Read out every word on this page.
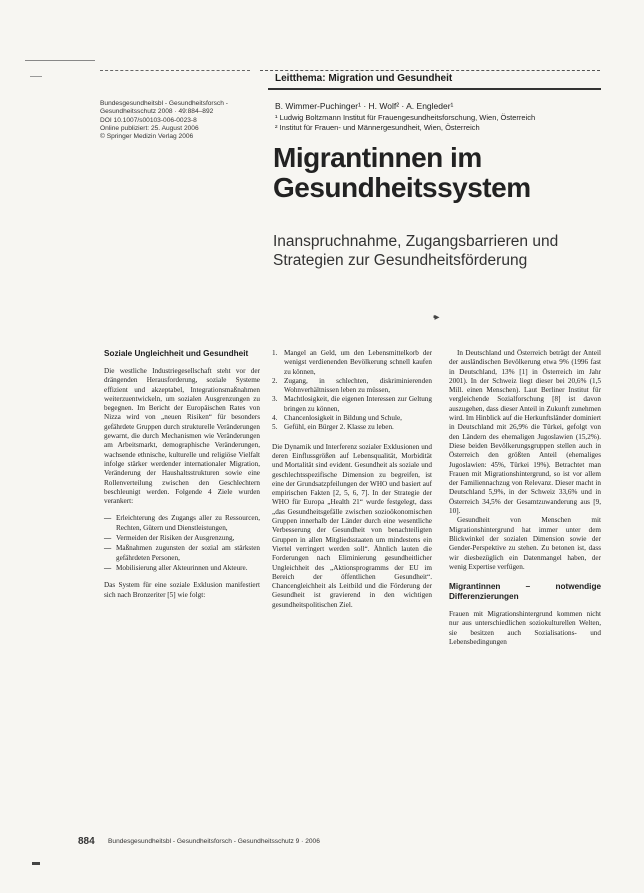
Leitthema: Migration und Gesundheit
Bundesgesundheitsbl - Gesundheitsforsch -
Gesundheitsschutz 2008 · 49:884–892
DOI 10.1007/s00103-006-0023-8
Online publiziert: 25. August 2006
© Springer Medizin Verlag 2006
B. Wimmer-Puchinger¹ · H. Wolf² · A. Engleder¹
¹ Ludwig Boltzmann Institut für Frauengesundheitsforschung, Wien, Österreich
² Institut für Frauen- und Männergesundheit, Wien, Österreich
Migrantinnen im
Gesundheitssystem
Inanspruchnahme, Zugangsbarrieren und
Strategien zur Gesundheitsförderung
▪▸
Soziale Ungleichheit und Gesundheit

Die westliche Industriegesellschaft steht vor der drängenden Herausforderung, soziale Systeme effizient und akzeptabel, Integrationsmaßnahmen weiterzuentwickeln, um sozialen Ausgrenzungen zu begegnen. Im Bericht der Europäischen Rates von Nizza wird von „neuen Risiken“ für besonders gefährdete Gruppen durch strukturelle Veränderungen gewarnt, die durch Mechanismen wie Veränderungen am Arbeitsmarkt, demographische Veränderungen, wachsende ethnische, kulturelle und religiöse Vielfalt infolge stärker werdender internationaler Migration, Veränderung der Haushaltsstrukturen sowie eine Rollenverteilung zwischen den Geschlechtern beschleunigt werden. Folgende 4 Ziele wurden verankert:

— Erleichterung des Zugangs aller zu Ressourcen, Rechten, Gütern und Dienstleistungen,
— Vermeiden der Risiken der Ausgrenzung,
— Maßnahmen zugunsten der sozial am stärksten gefährdeten Personen,
— Mobilisierung aller Akteurinnen und Akteure.

Das System für eine soziale Exklusion manifestiert sich nach Bronzeriter [5] wie folgt:

1. Mangel an Geld, um den Lebensmittelkorb der wenigst verdienenden Bevölkerung schnell kaufen zu können,
2. Zugang, in schlechten, diskriminierenden Wohnverhältnissen leben zu müssen,
3. Machtlosigkeit, die eigenen Interessen zur Geltung bringen zu können,
4. Chancenlosigkeit in Bildung und Schule,
5. Gefühl, ein Bürger 2. Klasse zu leben.

Die Dynamik und Interferenz sozialer Exklusionen und deren Einflussgrößen auf Lebensqualität, Morbidität und Mortalität sind evident. Gesundheit als soziale und geschlechtsspezifische Dimension zu begreifen, ist eine der Grundsatzpfeilungen der WHO und basiert auf empirischen Fakten [2, 5, 6, 7]. In der Strategie der WHO für Europa „Health 21“ wurde festgelegt, dass „das Gesundheitsgefälle zwischen sozioökonomischen Gruppen innerhalb der Länder durch eine wesentliche Verbesserung der Gesundheit von benachteiligten Gruppen in allen Mitgliedsstaaten um mindestens ein Viertel verringert werden soll“. Ähnlich lauten die Forderungen nach Eliminierung gesundheitlicher Ungleichheit des „Aktionsprogramms der EU im Bereich der öffentlichen Gesundheit“. Chancengleichheit als Leitbild und die Förderung der Gesundheit ist gravierend in den wichtigen gesundheitspolitischen Ziel.

In Deutschland und Österreich beträgt der Anteil der ausländischen Bevölkerung etwa 9% (1996 fast in Deutschland, 13% [1] in Österreich im Jahr 2001). In der Schweiz liegt dieser bei 20,6% (1,5 Mill. einen Menschen). Laut Berliner Institut für vergleichende Sozialforschung [8] ist davon auszugehen, dass dieser Anteil in Zukunft zunehmen wird. Im Hinblick auf die Herkunftsländer dominiert in Deutschland mit 26,9% die Türkei, gefolgt von den Ländern des ehemaligen Jugoslawien (15,2%). Diese beiden Bevölkerungsgruppen stellen auch in Österreich den größten Anteil (ehemaliges Jugoslawien: 45%, Türkei 19%). Betrachtet man Frauen mit Migrationshintergrund, so ist vor allem der Familiennachzug von Relevanz. Dieser macht in Deutschland 5,9%, in der Schweiz 33,6% und in Österreich 34,5% der Gesamtzuwanderung aus [9, 10].

Gesundheit von Menschen mit Migrationshintergrund hat immer unter dem Blickwinkel der sozialen Dimension sowie der Gender-Perspektive zu stehen. Zu betonen ist, dass wir diesbezüglich ein Datenmangel haben, der wenig Expertise verfügen.

Migrantinnen – notwendige Differenzierungen

Frauen mit Migrationshintergrund kommen nicht nur aus unterschiedlichen soziokulturellen Welten, sie besitzen auch Sozialisations- und Lebensbedingungen

884 Bundesgesundheitsbl - Gesundheitsforsch - Gesundheitsschutz 9 · 2006
